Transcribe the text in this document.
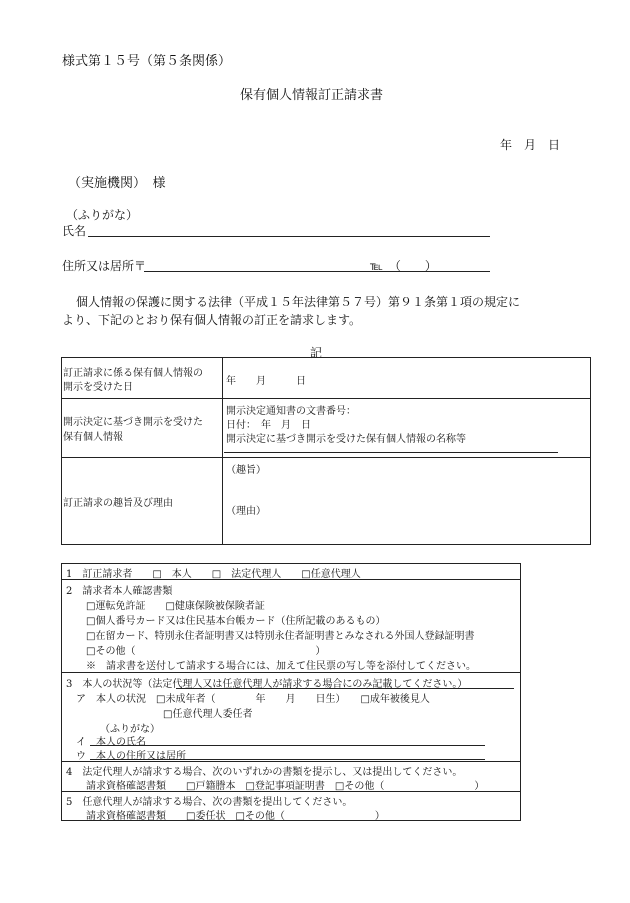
様式第１５号（第５条関係）
保有個人情報訂正請求書
年　月　日
（実施機関）　様
（ふりがな）
氏名
住所又は居所〒	℡　（　　）
個人情報の保護に関する法律（平成１５年法律第５７号）第９１条第１項の規定に
より、下記のとおり保有個人情報の訂正を請求します。
記
訂正請求に係る保有個人情報の
開示を受けた日
年　　月　　　日
開示決定に基づき開示を受けた
保有個人情報
開示決定通知書の文書番号：
日付：　年　月　日
開示決定に基づき開示を受けた保有個人情報の名称等
訂正請求の趣旨及び理由
（趣旨）
（理由）
1　訂正請求者　　□　本人　　□　法定代理人　　□任意代理人
2　請求者本人確認書類
□運転免許証　　□健康保険被保険者証
□個人番号カード又は住民基本台帳カード（住所記載のあるもの）
□在留カード、特別永住者証明書又は特別永住者証明書とみなされる外国人登録証明書
□その他（　　　　　　　　　　　　　　　　　　）
※　請求書を送付して請求する場合には、加えて住民票の写し等を添付してください。
3　本人の状況等（法定代理人又は任意代理人が請求する場合にのみ記載してください。）
ア　本人の状況　□未成年者（　　　　年　　月　　日生）　　□成年被後見人
□任意代理人委任者
（ふりがな）
イ　本人の氏名
ウ　本人の住所又は居所
4　法定代理人が請求する場合、次のいずれかの書類を提示し、又は提出してください。
請求資格確認書類　　□戸籍謄本　□登記事項証明書　□その他（　　　　　　　　　）
5　任意代理人が請求する場合、次の書類を提出してください。
請求資格確認書類　　□委任状　□その他（　　　　　　　　　）
